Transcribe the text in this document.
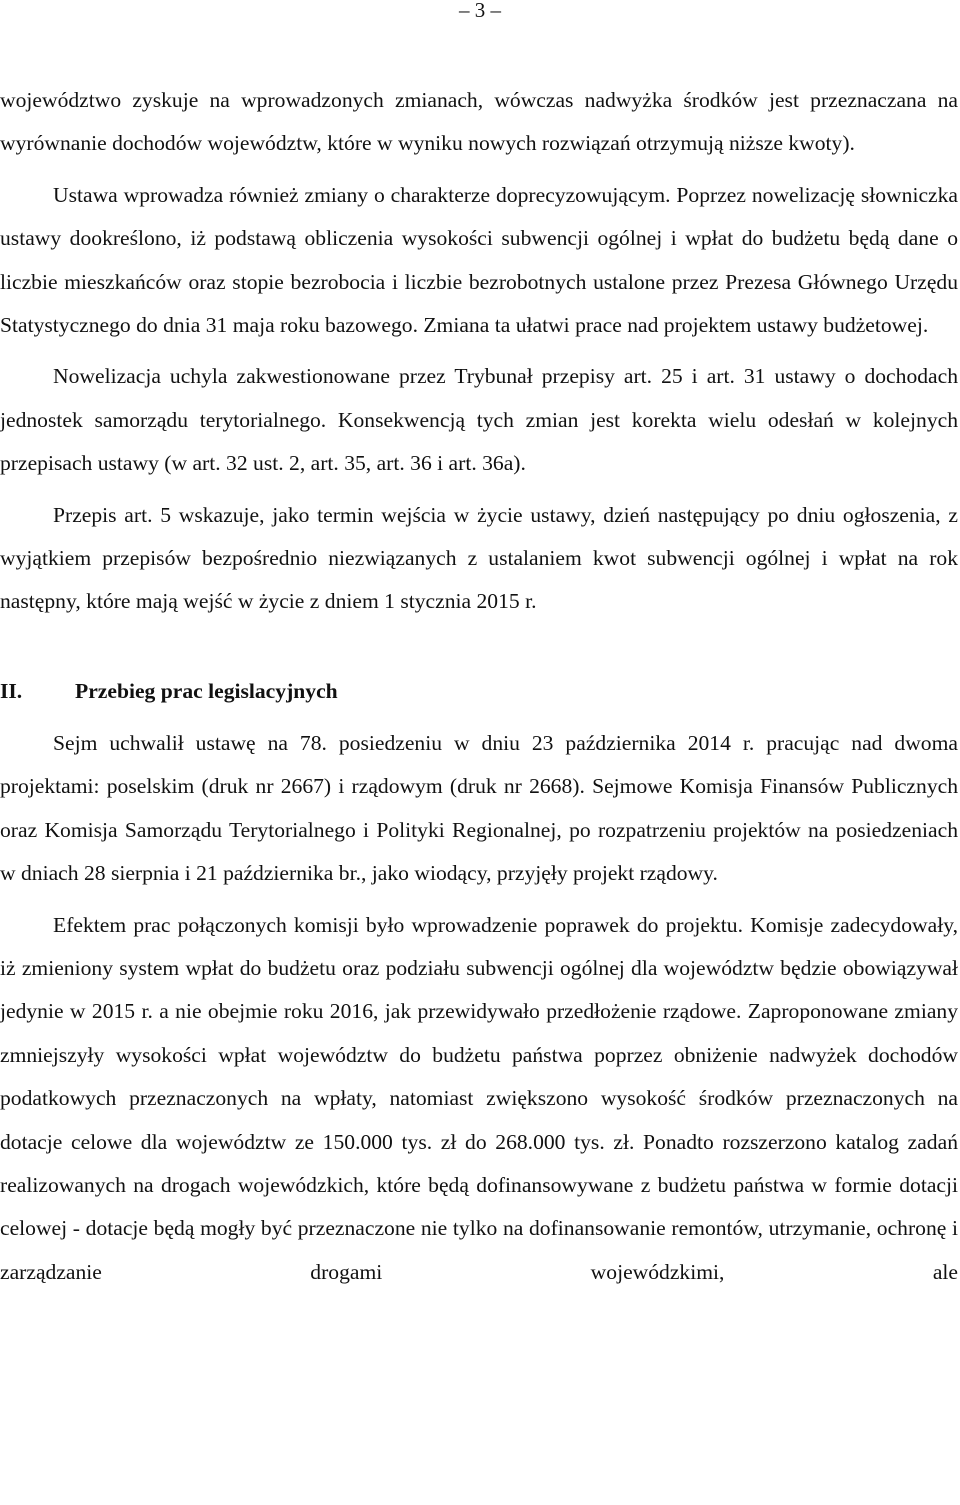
– 3 –

województwo zyskuje na wprowadzonych zmianach, wówczas nadwyżka środków jest przeznaczana na wyrównanie dochodów województw, które w wyniku nowych rozwiązań otrzymują niższe kwoty).

Ustawa wprowadza również zmiany o charakterze doprecyzowującym. Poprzez nowelizację słowniczka ustawy dookreślono, iż podstawą obliczenia wysokości subwencji ogólnej i wpłat do budżetu będą dane o liczbie mieszkańców oraz stopie bezrobocia i liczbie bezrobotnych ustalone przez Prezesa Głównego Urzędu Statystycznego do dnia 31 maja roku bazowego. Zmiana ta ułatwi prace nad projektem ustawy budżetowej.

Nowelizacja uchyla zakwestionowane przez Trybunał przepisy art. 25 i art. 31 ustawy o dochodach jednostek samorządu terytorialnego. Konsekwencją tych zmian jest korekta wielu odesłań w kolejnych przepisach ustawy (w art. 32 ust. 2, art. 35, art. 36 i art. 36a).

Przepis art. 5 wskazuje, jako termin wejścia w życie ustawy, dzień następujący po dniu ogłoszenia, z wyjątkiem przepisów bezpośrednio niezwiązanych z ustalaniem kwot subwencji ogólnej i wpłat na rok następny, które mają wejść w życie z dniem 1 stycznia 2015 r.

II.	Przebieg prac legislacyjnych

Sejm uchwalił ustawę na 78. posiedzeniu w dniu 23 października 2014 r. pracując nad dwoma projektami: poselskim (druk nr 2667) i rządowym (druk nr 2668). Sejmowe Komisja Finansów Publicznych oraz Komisja Samorządu Terytorialnego i Polityki Regionalnej, po rozpatrzeniu projektów na posiedzeniach w dniach 28 sierpnia i 21 października br., jako wiodący, przyjęły projekt rządowy.

Efektem prac połączonych komisji było wprowadzenie poprawek do projektu. Komisje zadecydowały, iż zmieniony system wpłat do budżetu oraz podziału subwencji ogólnej dla województw będzie obowiązywał jedynie w 2015 r. a nie obejmie roku 2016, jak przewidywało przedłożenie rządowe. Zaproponowane zmiany zmniejszyły wysokości wpłat województw do budżetu państwa poprzez obniżenie nadwyżek dochodów podatkowych przeznaczonych na wpłaty, natomiast zwiększono wysokość środków przeznaczonych na dotacje celowe dla województw ze 150.000 tys. zł do 268.000 tys. zł. Ponadto rozszerzono katalog zadań realizowanych na drogach wojewódzkich, które będą dofinansowywane z budżetu państwa w formie dotacji celowej - dotacje będą mogły być przeznaczone nie tylko na dofinansowanie remontów, utrzymanie, ochronę i zarządzanie drogami wojewódzkimi, ale
